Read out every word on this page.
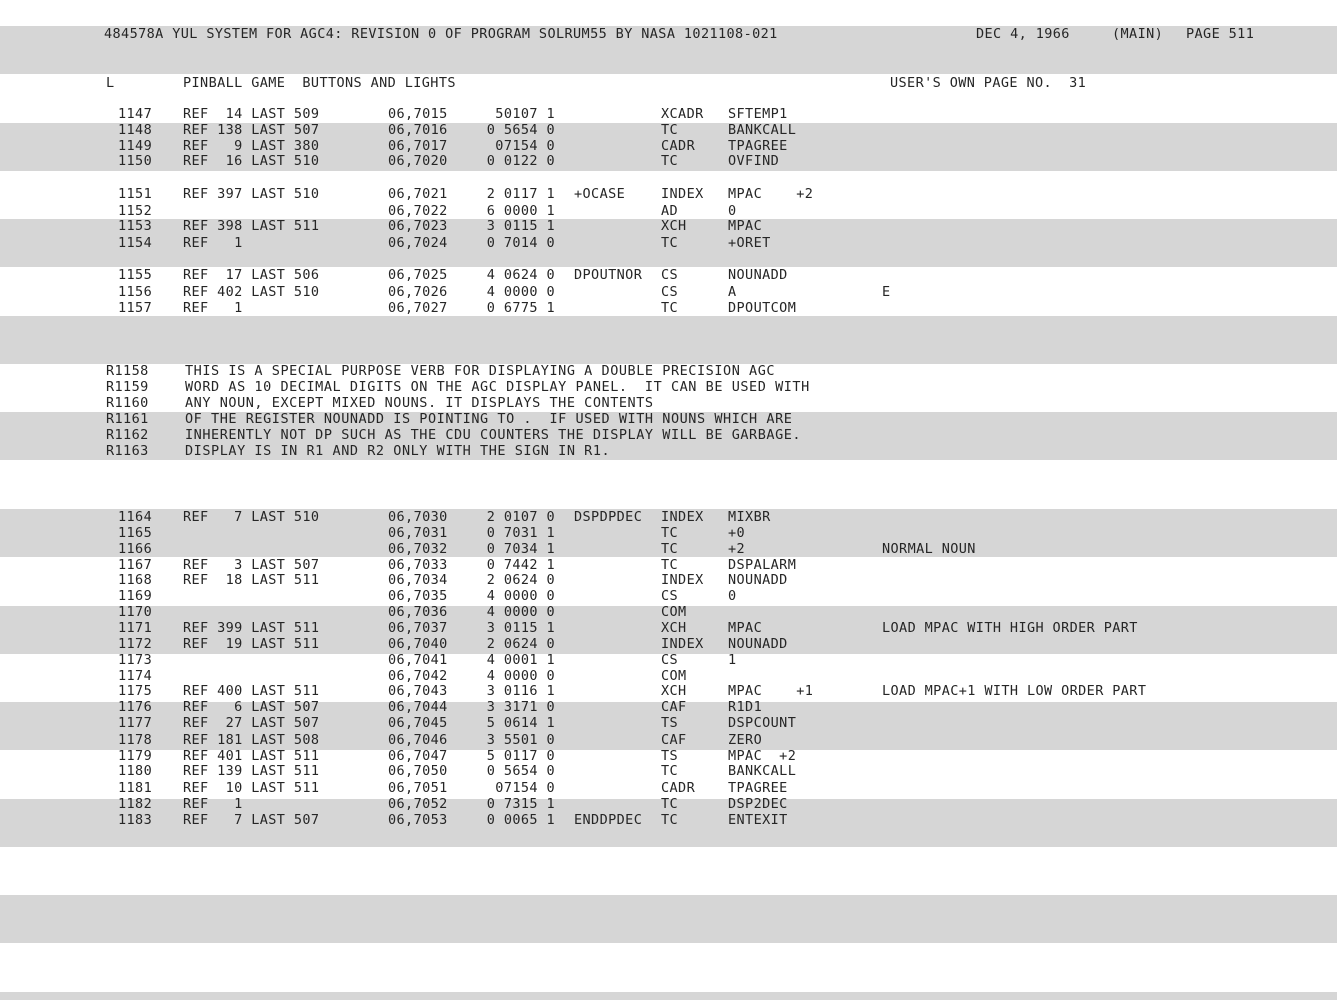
484578A YUL SYSTEM FOR AGC4: REVISION 0 OF PROGRAM SOLRUM55 BY NASA 1021108-021	DEC 4, 1966	(MAIN) PAGE 511
L	PINBALL GAME  BUTTONS AND LIGHTS	USER'S OWN PAGE NO.  31
1147 REF  14 LAST 509	06,7015	50107 1	XCADR SFTEMP1
1148 REF 138 LAST 507	06,7016	0 5654 0	TC	BANKCALL
1149 REF   9 LAST 380	06,7017	07154 0	CADR TPAGREE
1150 REF  16 LAST 510	06,7020	0 0122 0	TC	OVFIND
1151 REF 397 LAST 510	06,7021	2 0117 1 +OCASE	INDEX MPAC    +2
1152	06,7022	6 0000 1	AD	0
1153 REF 398 LAST 511	06,7023	3 0115 1	XCH	MPAC
1154 REF   1	06,7024	0 7014 0	TC	+ORET
1155 REF  17 LAST 506	06,7025	4 0624 0 DPOUTNOR CS	NOUNADD
1156 REF 402 LAST 510	06,7026	4 0000 0	CS	A	E
1157 REF   1	06,7027	0 6775 1	TC	DPOUTCOM
1164 REF   7 LAST 510	06,7030	2 0107 0 DSPDPDEC INDEX MIXBR
1165	06,7031	0 7031 1	TC	+0
1166	06,7032	0 7034 1	TC	+2	NORMAL NOUN
1167 REF   3 LAST 507	06,7033	0 7442 1	TC	DSPALARM
1168 REF  18 LAST 511	06,7034	2 0624 0	INDEX NOUNADD
1169	06,7035	4 0000 0	CS	0
1170	06,7036	4 0000 0	COM
1171 REF 399 LAST 511	06,7037	3 0115 1	XCH	MPAC	LOAD MPAC WITH HIGH ORDER PART
1172 REF  19 LAST 511	06,7040	2 0624 0	INDEX NOUNADD
1173	06,7041	4 0001 1	CS	1
1174	06,7042	4 0000 0	COM
1175 REF 400 LAST 511	06,7043	3 0116 1	XCH	MPAC    +1	LOAD MPAC+1 WITH LOW ORDER PART
1176 REF   6 LAST 507	06,7044	3 3171 0	CAF	R1D1
1177 REF  27 LAST 507	06,7045	5 0614 1	TS	DSPCOUNT
1178 REF 181 LAST 508	06,7046	3 5501 0	CAF	ZERO
1179 REF 401 LAST 511	06,7047	5 0117 0	TS	MPAC  +2
1180 REF 139 LAST 511	06,7050	0 5654 0	TC	BANKCALL
1181 REF  10 LAST 511	06,7051	07154 0	CADR TPAGREE
1182 REF   1	06,7052	0 7315 1	TC	DSP2DEC
1183 REF   7 LAST 507	06,7053	0 0065 1 ENDDPDEC TC	ENTEXIT
R1158	THIS IS A SPECIAL PURPOSE VERB FOR DISPLAYING A DOUBLE PRECISION AGC
R1159	WORD AS 10 DECIMAL DIGITS ON THE AGC DISPLAY PANEL.  IT CAN BE USED WITH
R1160	ANY NOUN, EXCEPT MIXED NOUNS. IT DISPLAYS THE CONTENTS
R1161	OF THE REGISTER NOUNADD IS POINTING TO .  IF USED WITH NOUNS WHICH ARE
R1162	INHERENTLY NOT DP SUCH AS THE CDU COUNTERS THE DISPLAY WILL BE GARBAGE.
R1163	DISPLAY IS IN R1 AND R2 ONLY WITH THE SIGN IN R1.
